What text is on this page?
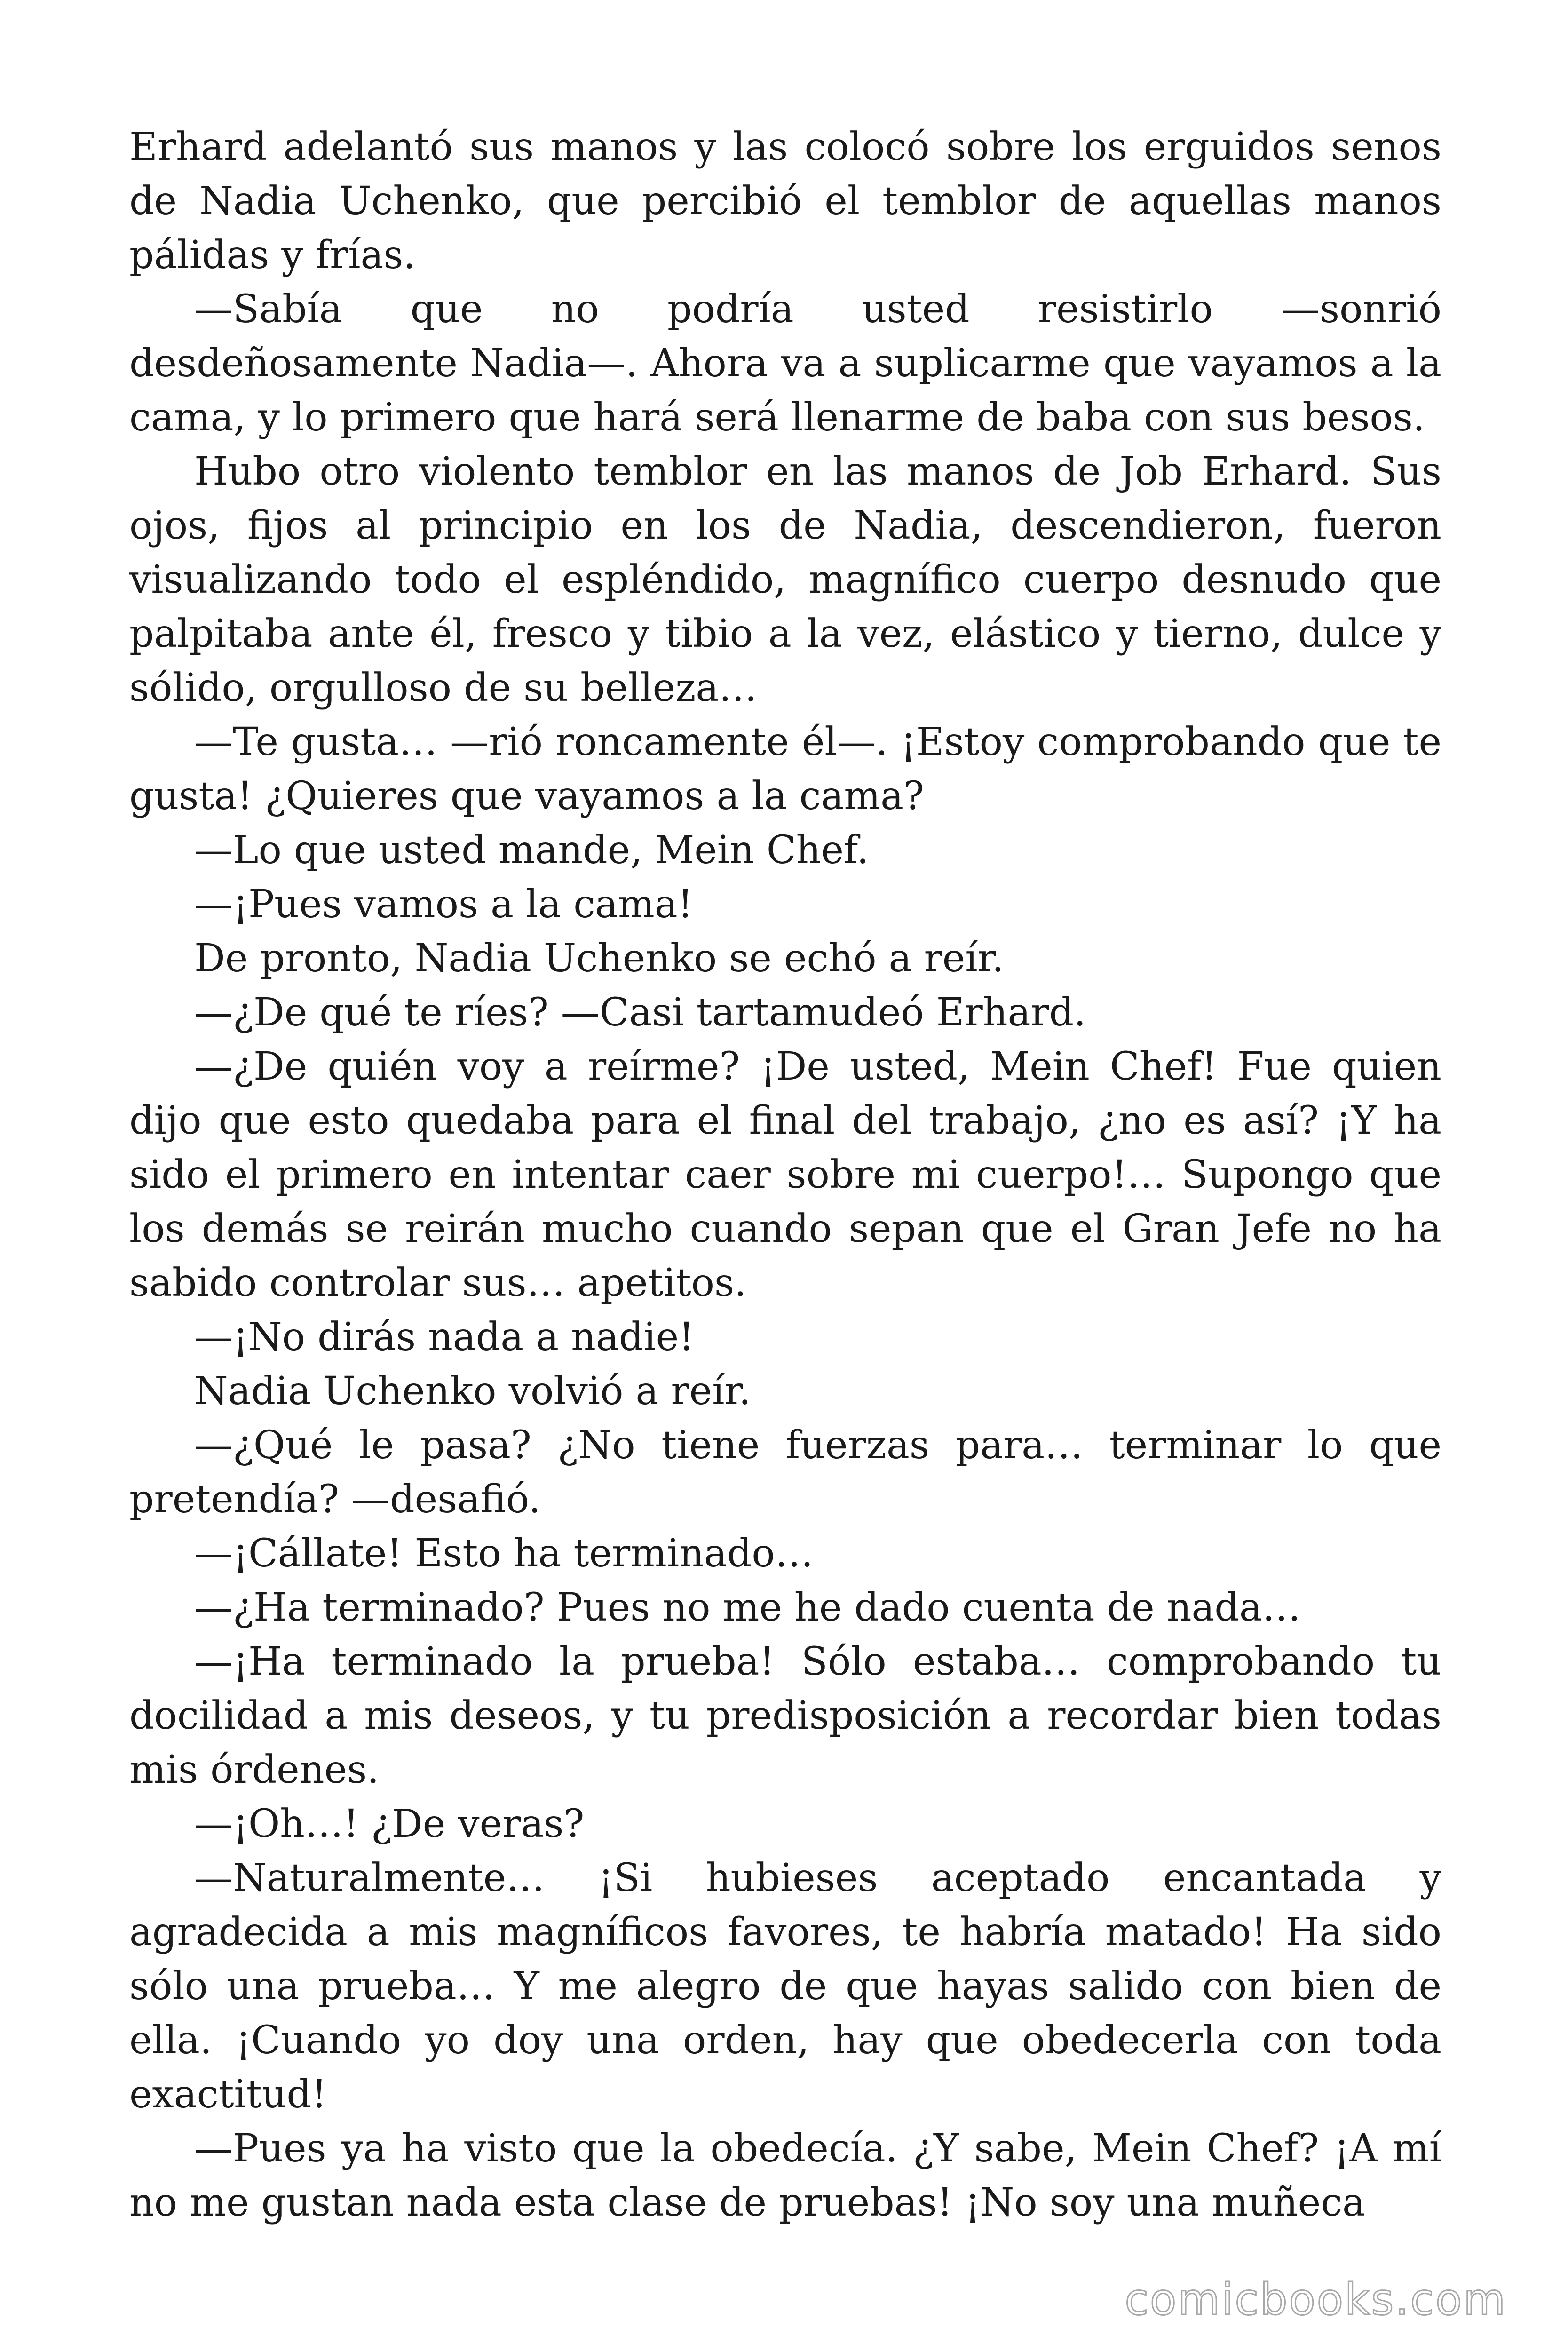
Erhard adelantó sus manos y las colocó sobre los erguidos senos de Nadia Uchenko, que percibió el temblor de aquellas manos pálidas y frías.

—Sabía que no podría usted resistirlo —sonrió desdeñosamente Nadia—. Ahora va a suplicarme que vayamos a la cama, y lo primero que hará será llenarme de baba con sus besos.

Hubo otro violento temblor en las manos de Job Erhard. Sus ojos, fijos al principio en los de Nadia, descendieron, fueron visualizando todo el espléndido, magnífico cuerpo desnudo que palpitaba ante él, fresco y tibio a la vez, elástico y tierno, dulce y sólido, orgulloso de su belleza…

—Te gusta… —rió roncamente él—. ¡Estoy comprobando que te gusta! ¿Quieres que vayamos a la cama?

—Lo que usted mande, Mein Chef.

—¡Pues vamos a la cama!

De pronto, Nadia Uchenko se echó a reír.

—¿De qué te ríes? —Casi tartamudeó Erhard.

—¿De quién voy a reírme? ¡De usted, Mein Chef! Fue quien dijo que esto quedaba para el final del trabajo, ¿no es así? ¡Y ha sido el primero en intentar caer sobre mi cuerpo!… Supongo que los demás se reirán mucho cuando sepan que el Gran Jefe no ha sabido controlar sus… apetitos.

—¡No dirás nada a nadie!

Nadia Uchenko volvió a reír.

—¿Qué le pasa? ¿No tiene fuerzas para… terminar lo que pretendía? —desafió.

—¡Cállate! Esto ha terminado…

—¿Ha terminado? Pues no me he dado cuenta de nada…

—¡Ha terminado la prueba! Sólo estaba… comprobando tu docilidad a mis deseos, y tu predisposición a recordar bien todas mis órdenes.

—¡Oh…! ¿De veras?

—Naturalmente… ¡Si hubieses aceptado encantada y agradecida a mis magníficos favores, te habría matado! Ha sido sólo una prueba… Y me alegro de que hayas salido con bien de ella. ¡Cuando yo doy una orden, hay que obedecerla con toda exactitud!

—Pues ya ha visto que la obedecía. ¿Y sabe, Mein Chef? ¡A mí no me gustan nada esta clase de pruebas! ¡No soy una muñeca

comicbooks.com
